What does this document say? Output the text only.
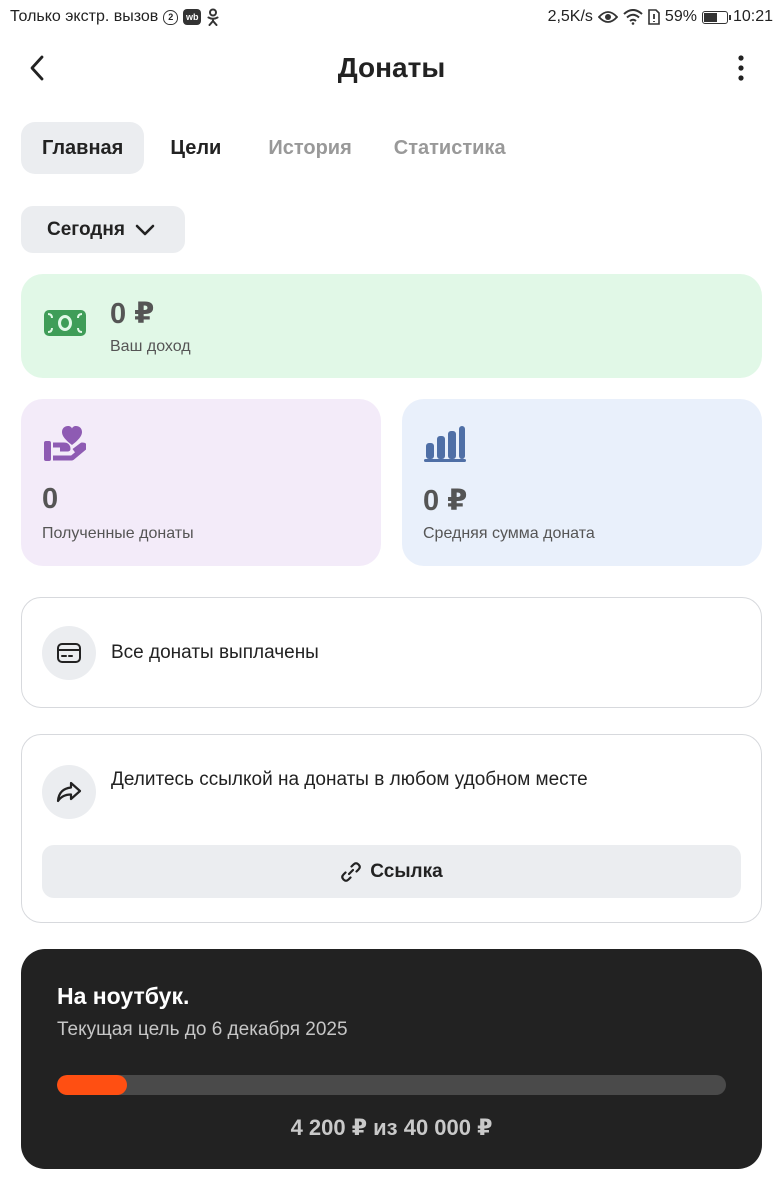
Только экстр. вызов	2	wb	2,5K/s	59% 10:21
Донаты
Главная	Цели	История	Статистика
Сегодня
0 ₽
Ваш доход
0
Полученные донаты
0 ₽
Средняя сумма доната
Все донаты выплачены
Делитесь ссылкой на донаты в любом удобном месте
Ссылка
На ноутбук.
Текущая цель до 6 декабря 2025
4 200 ₽ из 40 000 ₽
